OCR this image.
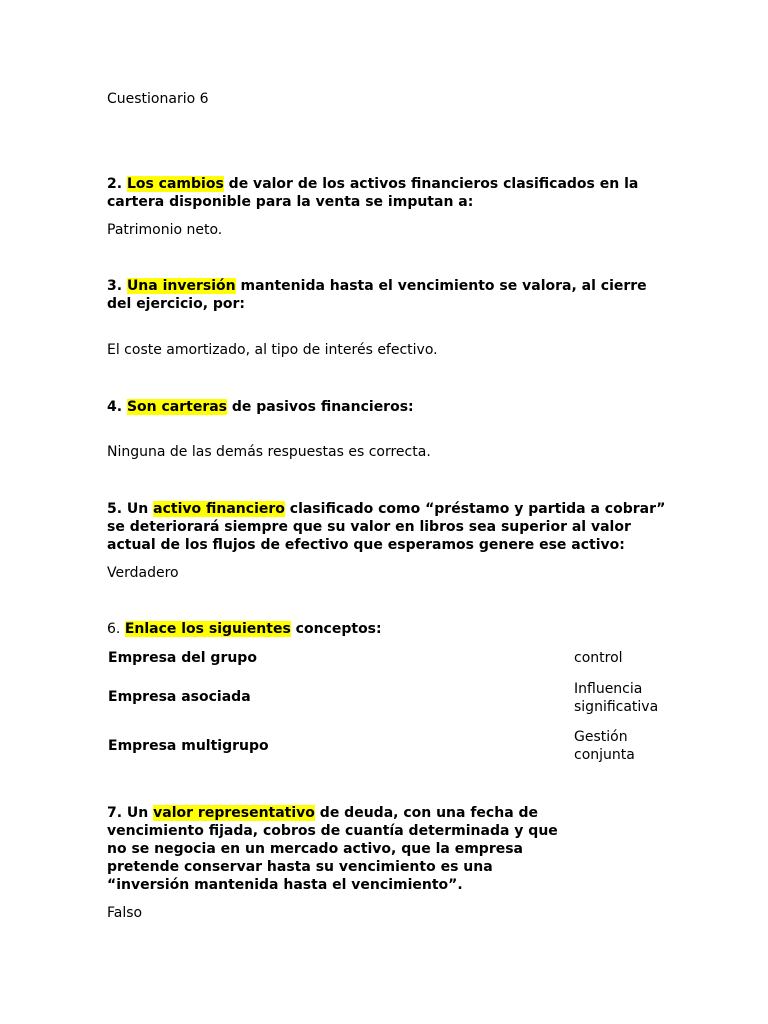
Cuestionario 6
2. Los cambios de valor de los activos financieros clasificados en la cartera disponible para la venta se imputan a:
Patrimonio neto.
3. Una inversión mantenida hasta el vencimiento se valora, al cierre del ejercicio, por:
El coste amortizado, al tipo de interés efectivo.
4. Son carteras de pasivos financieros:
Ninguna de las demás respuestas es correcta.
5. Un activo financiero clasificado como “préstamo y partida a cobrar” se deteriorará siempre que su valor en libros sea superior al valor actual de los flujos de efectivo que esperamos genere ese activo:
Verdadero
6. Enlace los siguientes conceptos:
Empresa del grupo	control
Empresa asociada	Influencia significativa
Empresa multigrupo
Gestión conjunta
7. Un valor representativo de deuda, con una fecha de vencimiento fijada, cobros de cuantía determinada y que no se negocia en un mercado activo, que la empresa pretende conservar hasta su vencimiento es una “inversión mantenida hasta el vencimiento”.
Falso
